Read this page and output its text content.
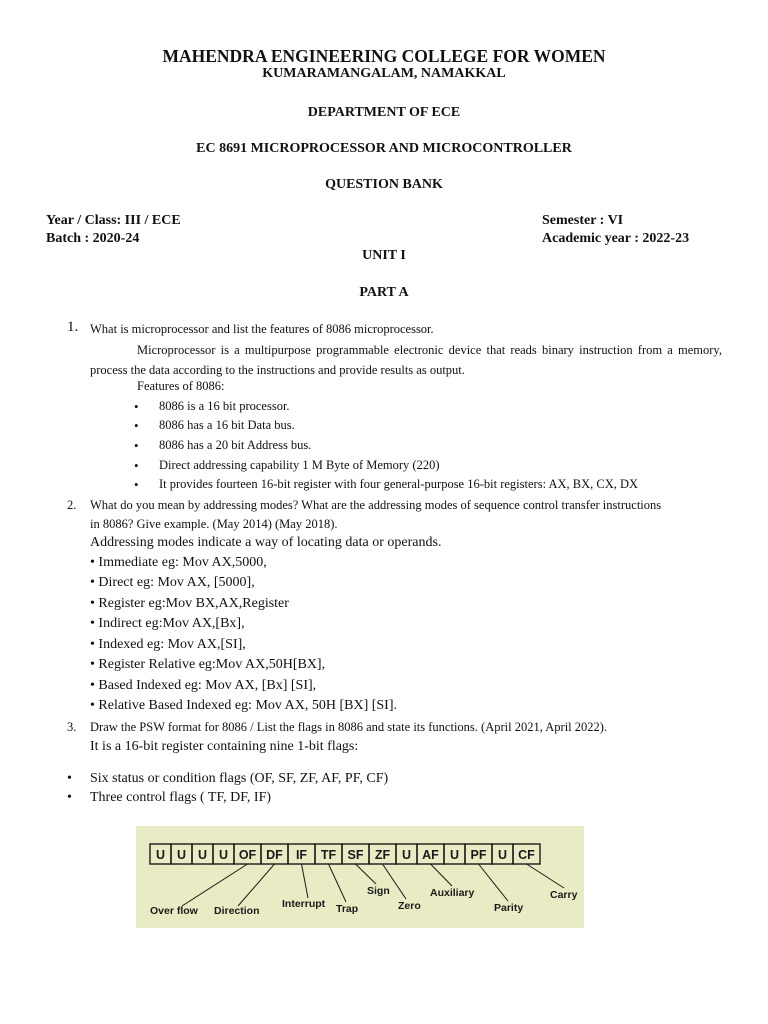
MAHENDRA ENGINEERING COLLEGE FOR WOMEN
KUMARAMANGALAM, NAMAKKAL
DEPARTMENT OF ECE
EC 8691 MICROPROCESSOR AND MICROCONTROLLER
QUESTION BANK
Year / Class: III / ECE
Batch : 2020-24
Semester : VI
Academic year : 2022-23
UNIT I
PART A
1. What is microprocessor and list the features of 8086 microprocessor.
Microprocessor is a multipurpose programmable electronic device that reads binary instruction from a memory, process the data according to the instructions and provide results as output.
Features of 8086:
• 8086 is a 16 bit processor.
• 8086 has a 16 bit Data bus.
• 8086 has a 20 bit Address bus.
• Direct addressing capability 1 M Byte of Memory (220)
• It provides fourteen 16-bit register with four general-purpose 16-bit registers: AX, BX, CX, DX
2. What do you mean by addressing modes? What are the addressing modes of sequence control transfer instructions
in 8086? Give example. (May 2014) (May 2018).
Addressing modes indicate a way of locating data or operands.
• Immediate eg: Mov AX,5000,
• Direct eg: Mov AX, [5000],
• Register eg:Mov BX,AX,Register
• Indirect eg:Mov AX,[Bx],
• Indexed eg: Mov AX,[SI],
• Register Relative eg:Mov AX,50H[BX],
• Based Indexed eg: Mov AX, [Bx] [SI],
• Relative Based Indexed eg: Mov AX, 50H [BX] [SI].
3. Draw the PSW format for 8086 / List the flags in 8086 and state its functions. (April 2021, April 2022).
It is a 16-bit register containing nine 1-bit flags:
• Six status or condition flags (OF, SF, ZF, AF, PF, CF)
• Three control flags ( TF, DF, IF)
U U U U OF DF IF TF SF ZF U AF U PF U CF
Over flow Direction
Interrupt Trap
Sign
Zero
Auxiliary
Parity
Carry
